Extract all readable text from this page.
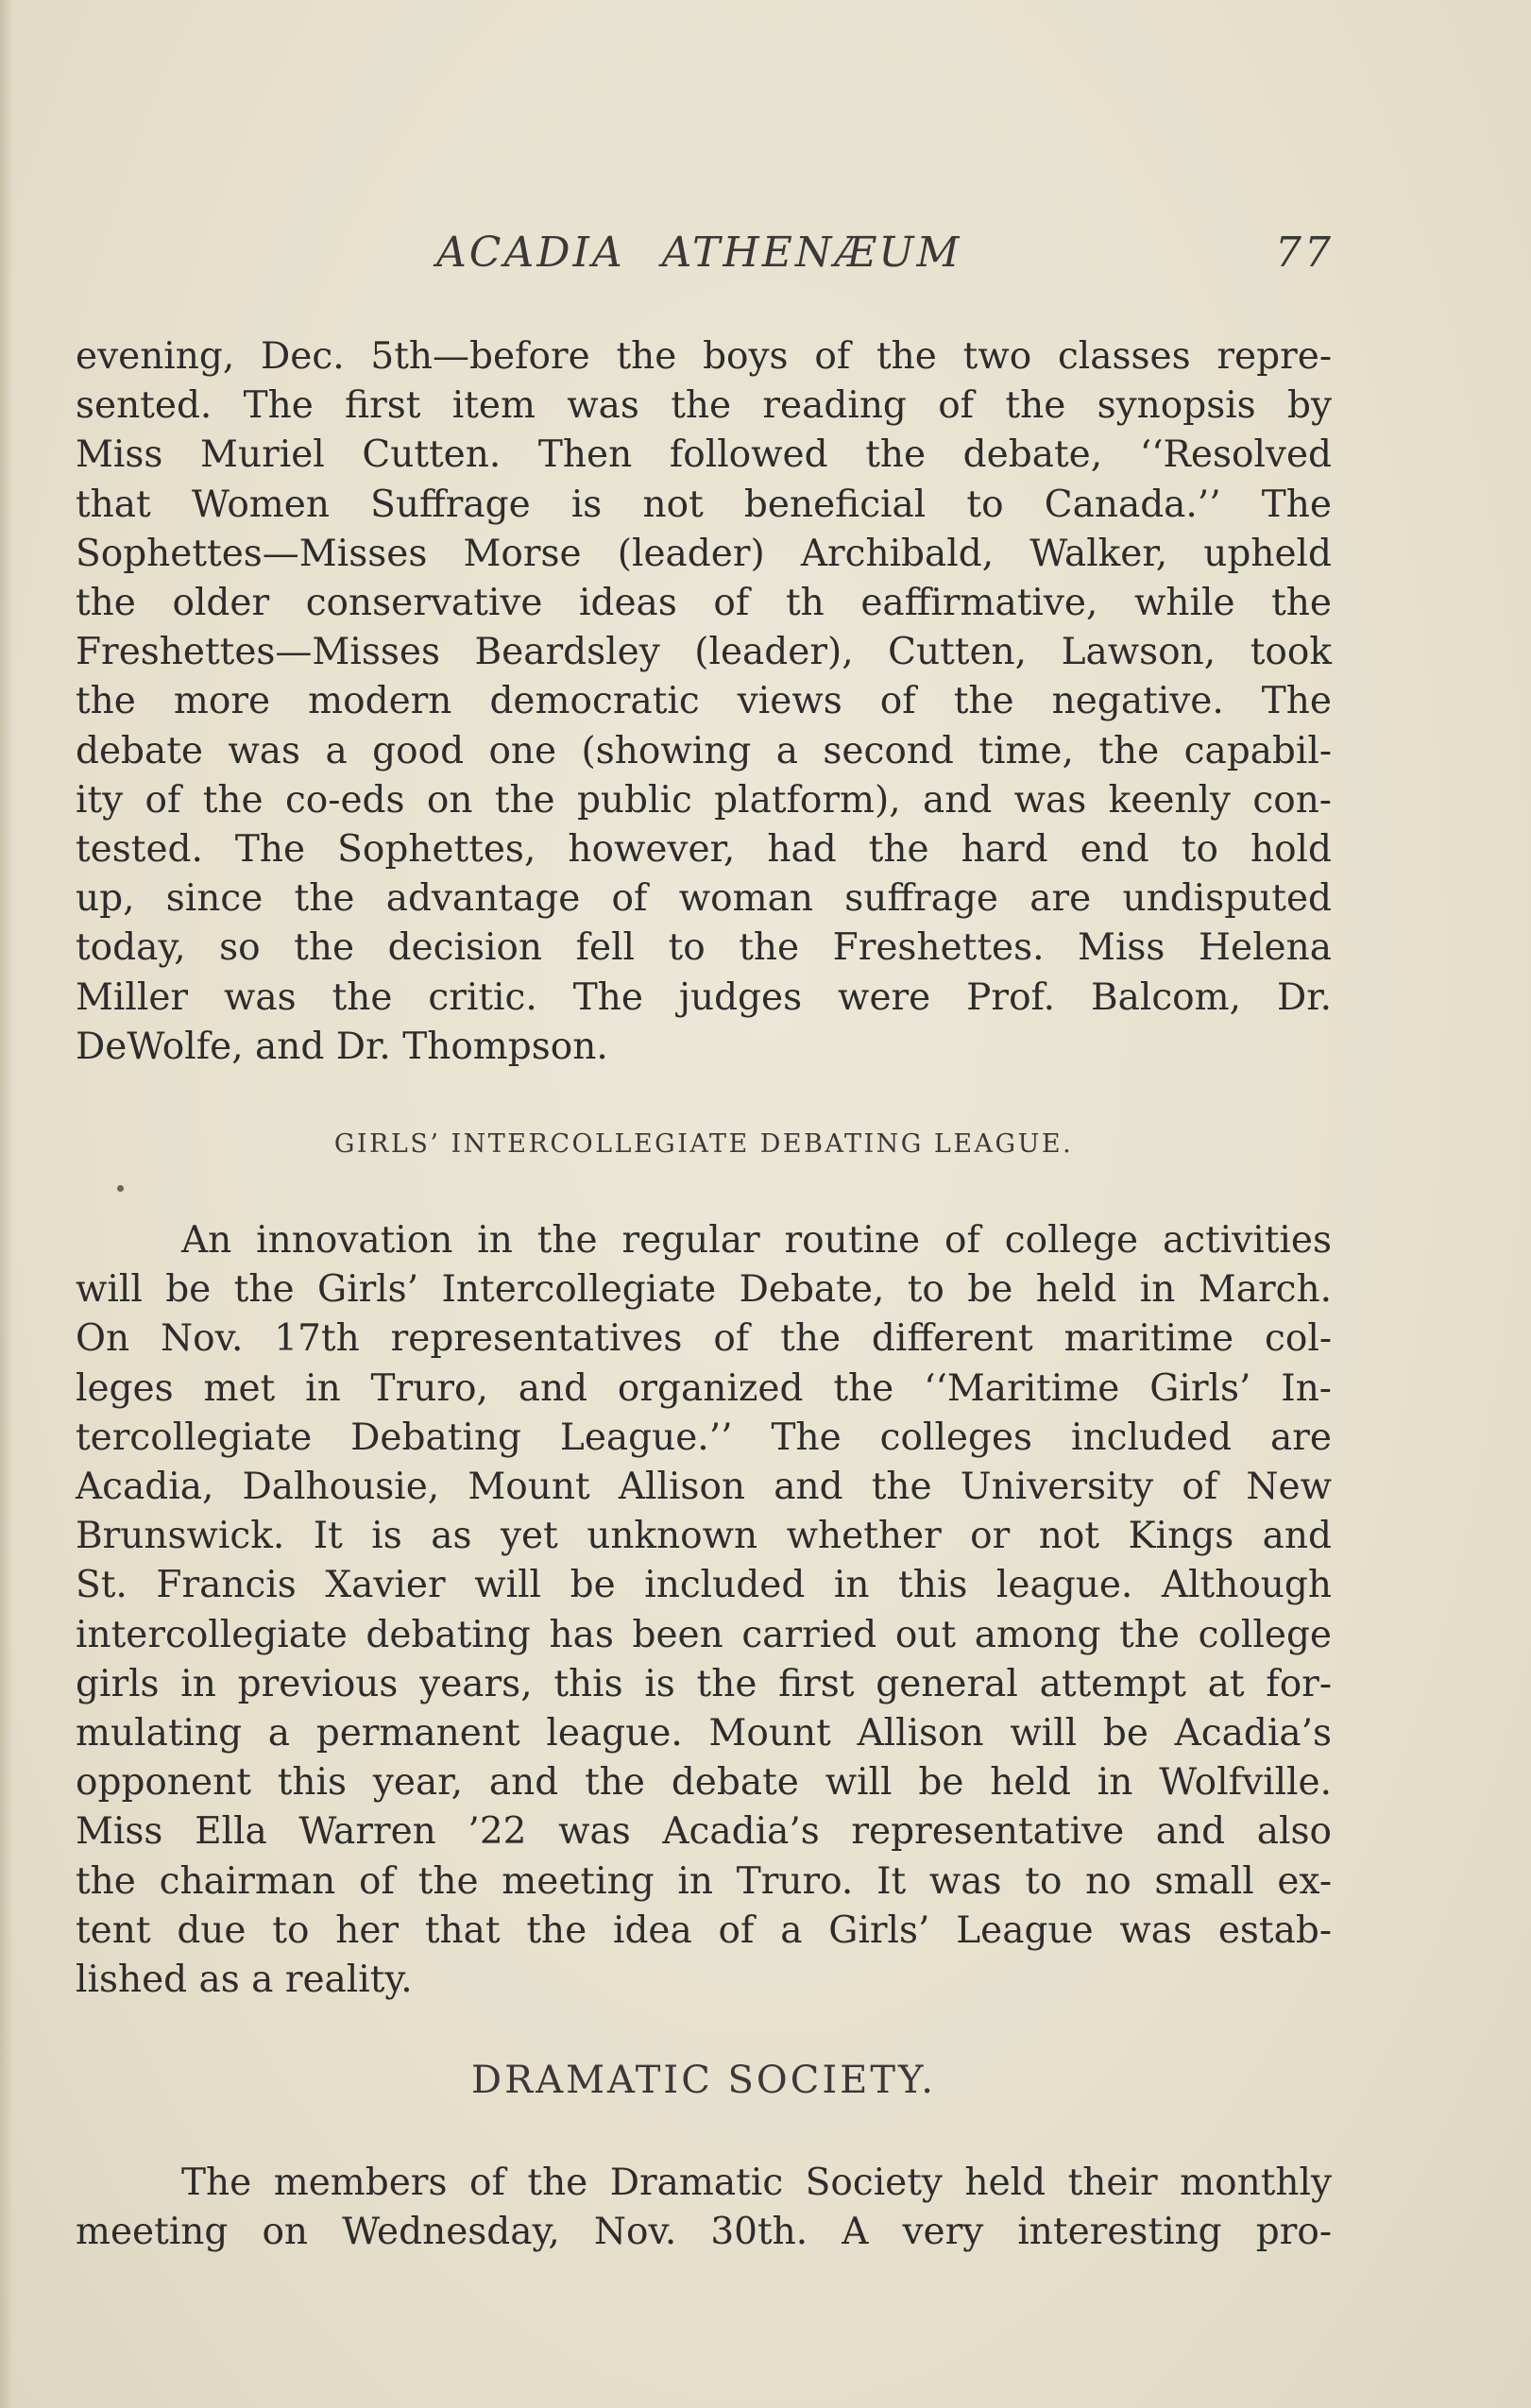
ACADIA ATHENÆUM	77
evening, Dec. 5th—before the boys of the two classes repre-
sented. The first item was the reading of the synopsis by
Miss Muriel Cutten. Then followed the debate, ‘‘Resolved
that Women Suffrage is not beneficial to Canada.’’ The
Sophettes—Misses Morse (leader) Archibald, Walker, upheld
the older conservative ideas of th eaffirmative, while the
Freshettes—Misses Beardsley (leader), Cutten, Lawson, took
the more modern democratic views of the negative. The
debate was a good one (showing a second time, the capabil-
ity of the co-eds on the public platform), and was keenly con-
tested. The Sophettes, however, had the hard end to hold
up, since the advantage of woman suffrage are undisputed
today, so the decision fell to the Freshettes. Miss Helena
Miller was the critic. The judges were Prof. Balcom, Dr.
DeWolfe, and Dr. Thompson.
GIRLS’ INTERCOLLEGIATE DEBATING LEAGUE.
An innovation in the regular routine of college activities
will be the Girls’ Intercollegiate Debate, to be held in March.
On Nov. 17th representatives of the different maritime col-
leges met in Truro, and organized the ‘‘Maritime Girls’ In-
tercollegiate Debating League.’’ The colleges included are
Acadia, Dalhousie, Mount Allison and the University of New
Brunswick. It is as yet unknown whether or not Kings and
St. Francis Xavier will be included in this league. Although
intercollegiate debating has been carried out among the college
girls in previous years, this is the first general attempt at for-
mulating a permanent league. Mount Allison will be Acadia’s
opponent this year, and the debate will be held in Wolfville.
Miss Ella Warren ’22 was Acadia’s representative and also
the chairman of the meeting in Truro. It was to no small ex-
tent due to her that the idea of a Girls’ League was estab-
lished as a reality.
DRAMATIC SOCIETY.
The members of the Dramatic Society held their monthly
meeting on Wednesday, Nov. 30th. A very interesting pro-
